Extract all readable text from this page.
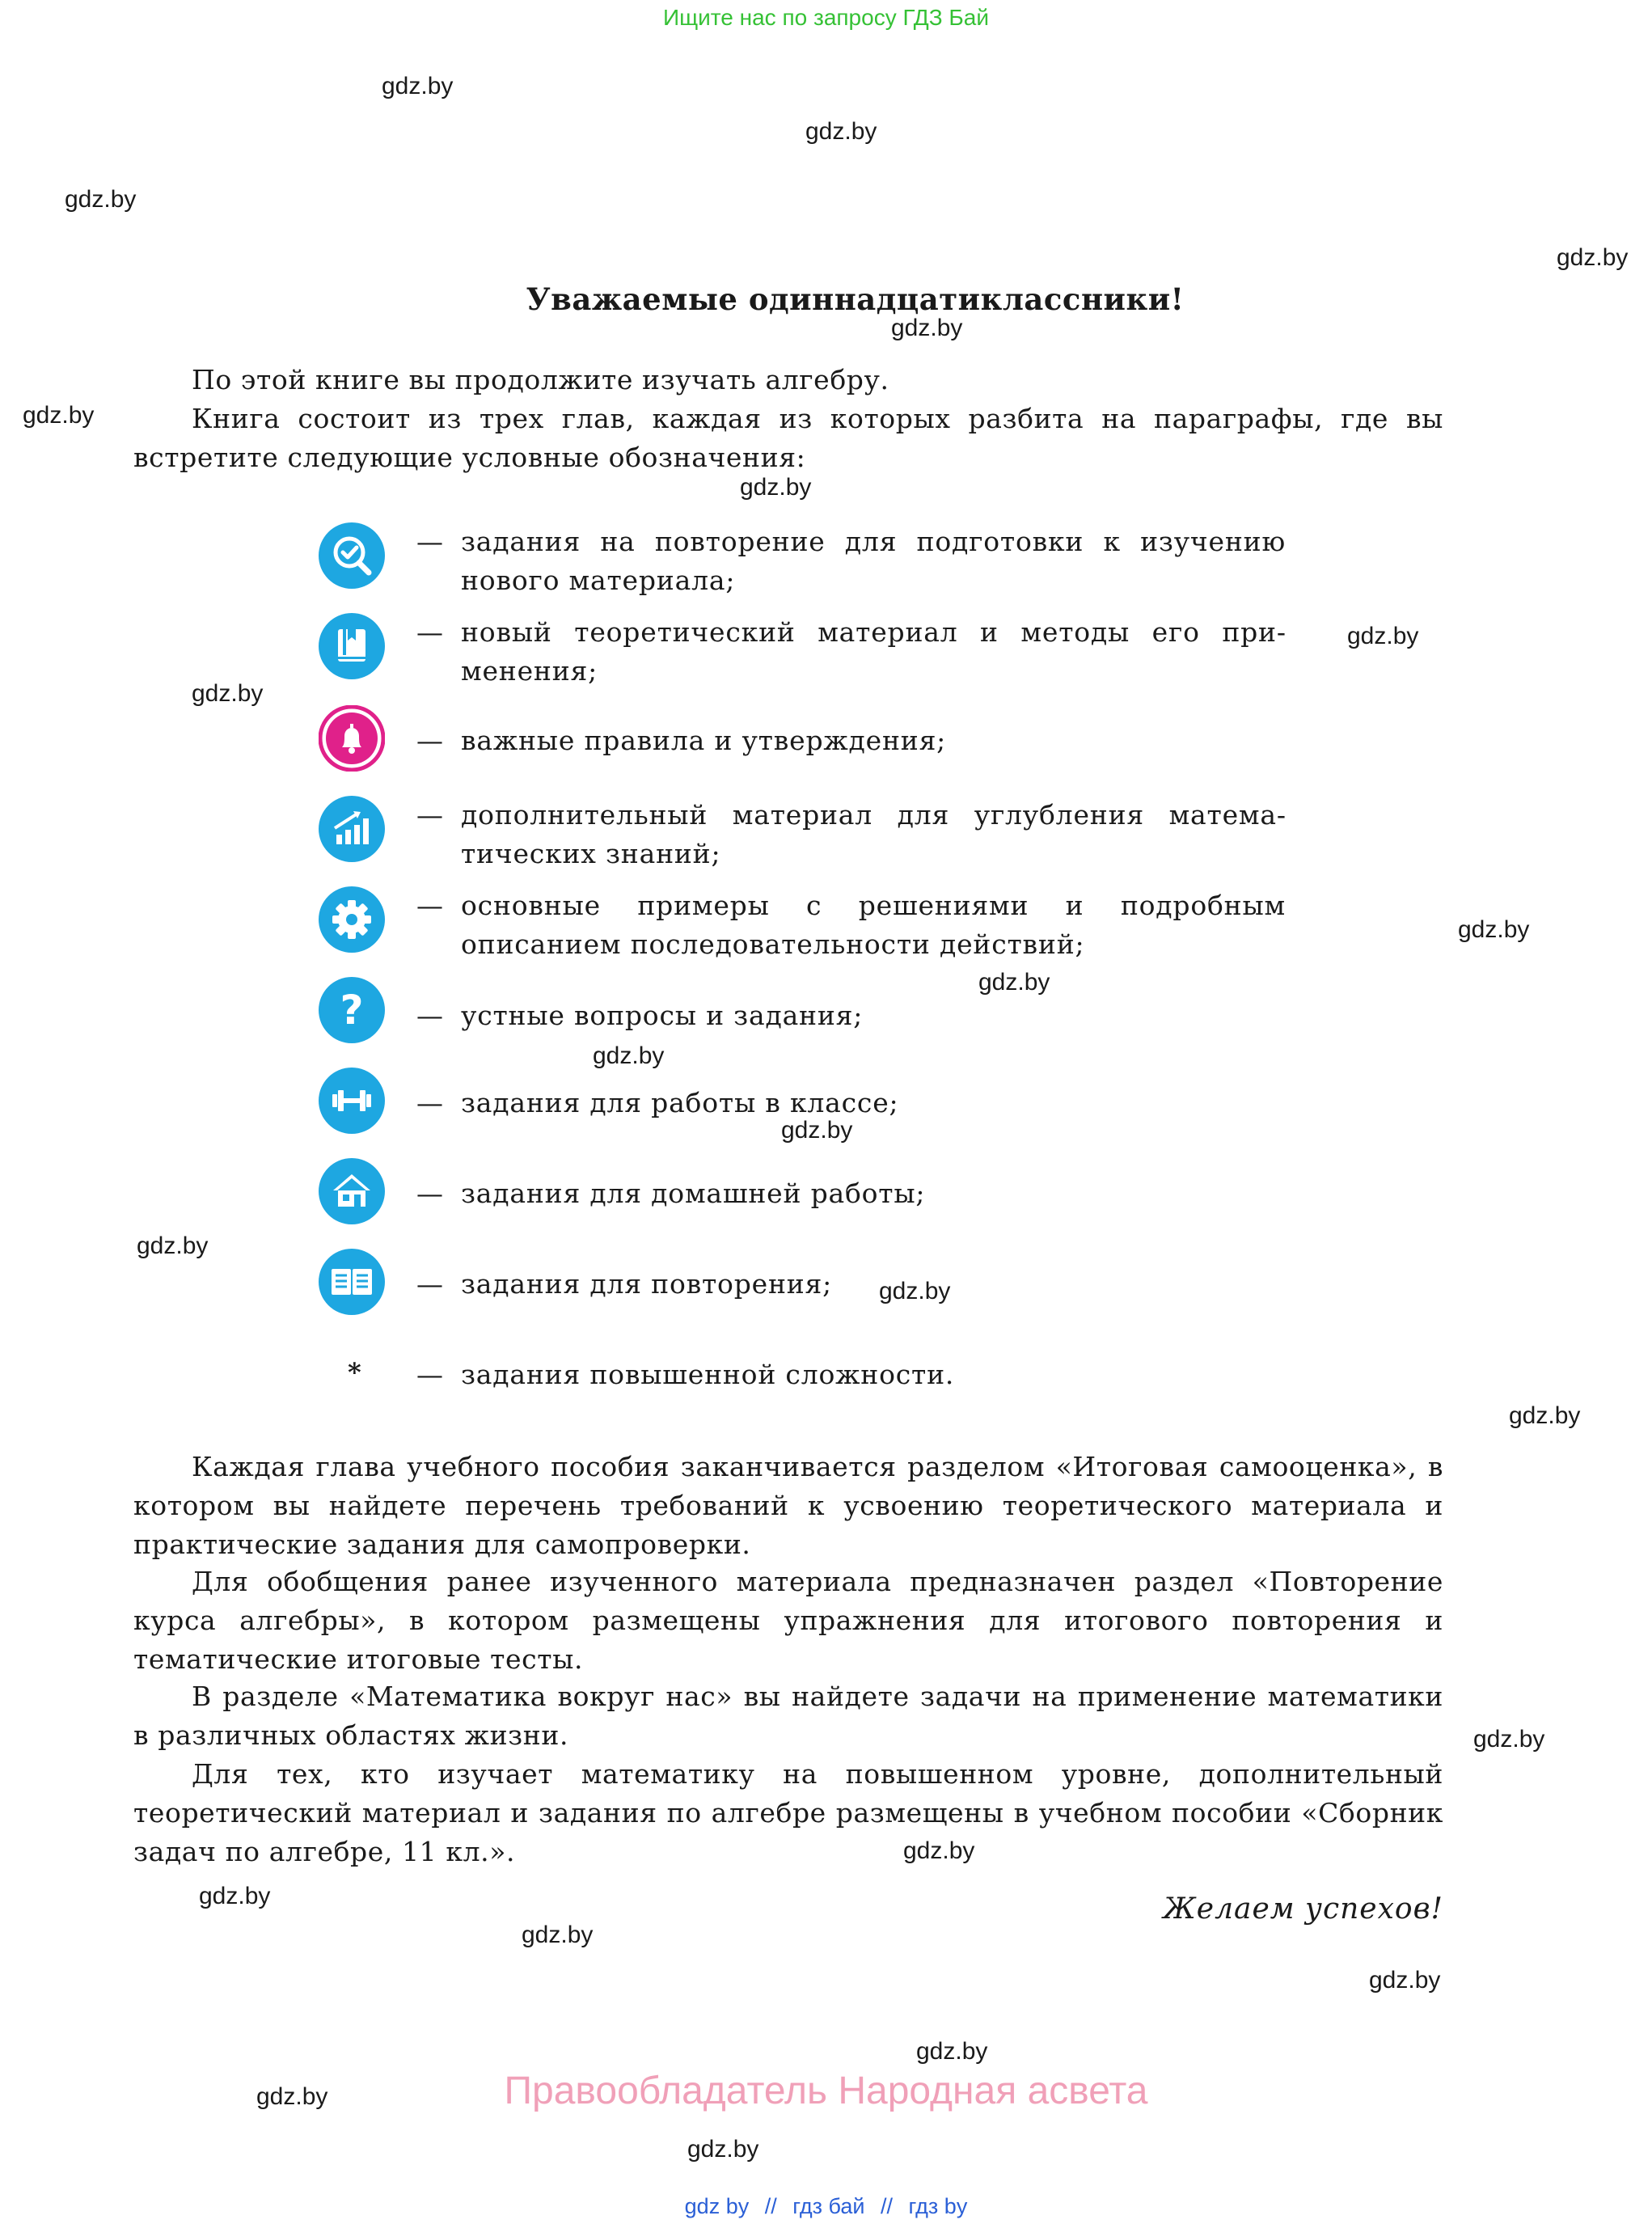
Ищите нас по запросу ГДЗ Бай
gdz.by
gdz.by
gdz.by
gdz.by
gdz.by
gdz.by
gdz.by
gdz.by
gdz.by
gdz.by
gdz.by
gdz.by
gdz.by
gdz.by
gdz.by
gdz.by
gdz.by
gdz.by
gdz.by
gdz.by
gdz.by
gdz.by
gdz.by
gdz.by
Уважаемые одиннадцатиклассники!
По этой книге вы продолжите изучать алгебру.
Книга состоит из трех глав, каждая из которых разбита на параграфы, где вы встретите следующие условные обозначения:
— задания на повторение для подготовки к изучению нового материала;
— новый теоретический материал и методы его применения;
— важные правила и утверждения;
— дополнительный материал для углубления математических знаний;
— основные примеры с решениями и подробным описанием последовательности действий;
? — устные вопросы и задания;
— задания для работы в классе;
— задания для домашней работы;
— задания для повторения;
* — задания повышенной сложности.
Каждая глава учебного пособия заканчивается разделом «Итоговая самооценка», в котором вы найдете перечень требований к усвоению теоретического материала и практические задания для самопроверки.
Для обобщения ранее изученного материала предназначен раздел «Повторение курса алгебры», в котором размещены упражнения для итогового повторения и тематические итоговые тесты.
В разделе «Математика вокруг нас» вы найдете задачи на применение математики в различных областях жизни.
Для тех, кто изучает математику на повышенном уровне, дополнительный теоретический материал и задания по алгебре размещены в учебном пособии «Сборник задач по алгебре, 11 кл.».
Желаем успехов!
Правообладатель Народная асвета
gdz by // гдз бай // гдз by
